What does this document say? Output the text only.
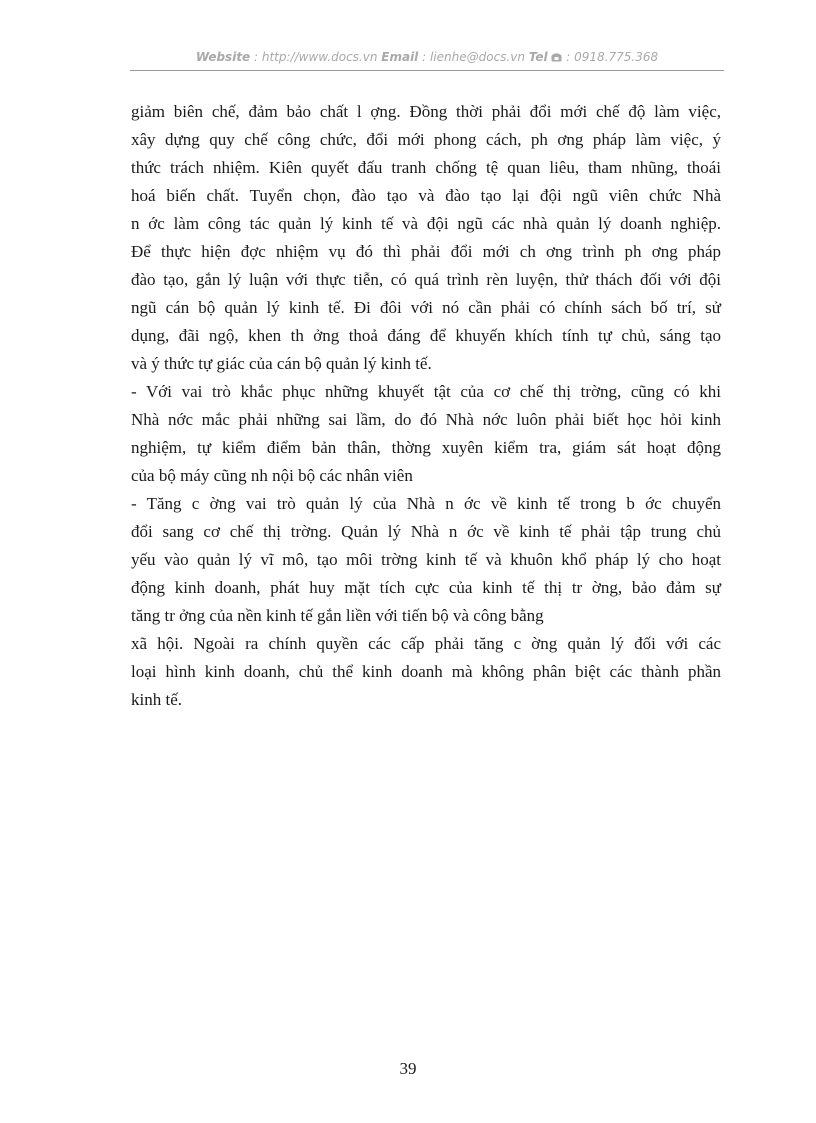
Website : http://www.docs.vn Email : lienhe@docs.vn Tel  : 0918.775.368
giảm biên chế, đảm bảo chất l ợng. Đồng thời phải đổi mới chế độ làm việc,
xây dựng quy chế công chức, đổi mới phong cách, ph ơng pháp làm việc, ý
thức trách nhiệm. Kiên quyết đấu tranh chống tệ quan liêu, tham nhũng, thoái
hoá biến chất. Tuyển chọn, đào tạo và đào tạo lại đội ngũ viên chức Nhà
n ớc làm công tác quản lý kinh tế và đội ngũ các nhà quản lý doanh nghiệp.
Để thực hiện đợc nhiệm vụ đó thì phải đổi mới ch ơng trình ph ơng pháp
đào tạo, gắn lý luận với thực tiễn, có quá trình rèn luyện, thử thách đối với đội
ngũ cán bộ quản lý kinh tế. Đi đôi với nó cần phải có chính sách bố trí, sử
dụng, đãi ngộ, khen th ởng thoả đáng để khuyến khích tính tự chủ, sáng tạo
và ý thức tự giác của cán bộ quản lý kinh tế.
- Với vai trò khắc phục những khuyết tật của cơ chế thị trờng, cũng có khi
Nhà nớc mắc phải những sai lầm, do đó Nhà nớc luôn phải biết học hỏi kinh
nghiệm, tự kiểm điểm bản thân, thờng xuyên kiểm tra, giám sát hoạt động
của bộ máy cũng nh nội bộ các nhân viên
- Tăng c ờng vai trò quản lý của Nhà n ớc về kinh tế trong b ớc chuyển
đổi sang cơ chế thị trờng. Quản lý Nhà n ớc về kinh tế phải tập trung chủ
yếu vào quản lý vĩ mô, tạo môi trờng kinh tế và khuôn khổ pháp lý cho hoạt
động kinh doanh, phát huy mặt tích cực của kinh tế thị tr ờng, bảo đảm sự
tăng tr ởng của nền kinh tế gắn liền với tiến bộ và công bằng
xã hội. Ngoài ra chính quyền các cấp phải tăng c ờng quản lý đối với các
loại hình kinh doanh, chủ thể kinh doanh mà không phân biệt các thành phần
kinh tế.
39
